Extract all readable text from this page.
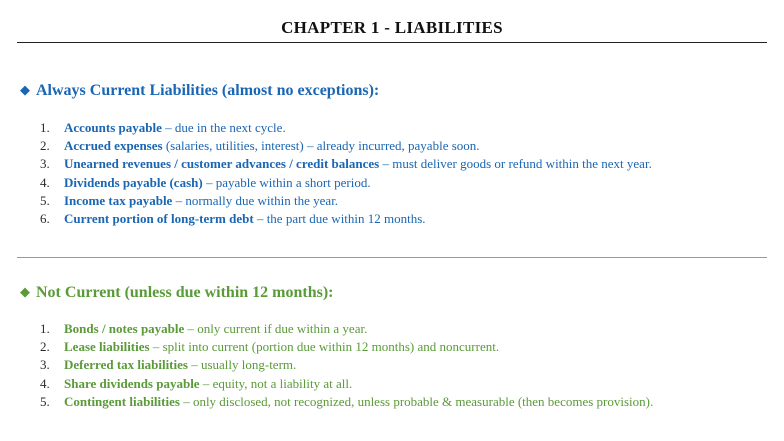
CHAPTER 1 - LIABILITIES
◆ Always Current Liabilities (almost no exceptions):
1. Accounts payable – due in the next cycle.
2. Accrued expenses (salaries, utilities, interest) – already incurred, payable soon.
3. Unearned revenues / customer advances / credit balances – must deliver goods or refund within the next year.
4. Dividends payable (cash) – payable within a short period.
5. Income tax payable – normally due within the year.
6. Current portion of long-term debt – the part due within 12 months.
◆ Not Current (unless due within 12 months):
1. Bonds / notes payable – only current if due within a year.
2. Lease liabilities – split into current (portion due within 12 months) and noncurrent.
3. Deferred tax liabilities – usually long-term.
4. Share dividends payable – equity, not a liability at all.
5. Contingent liabilities – only disclosed, not recognized, unless probable & measurable (then becomes provision).
